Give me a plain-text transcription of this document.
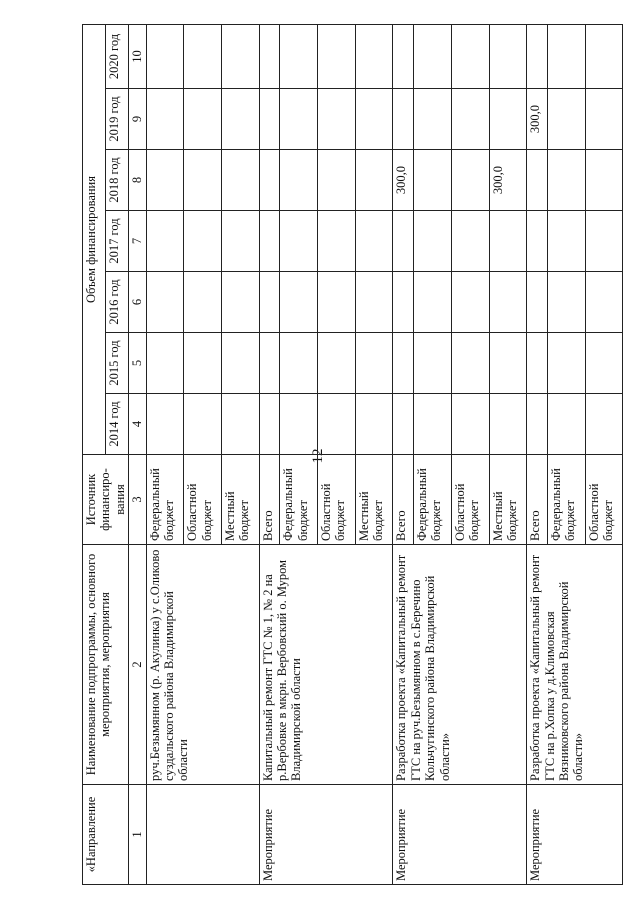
12
«Направление	Наименование подпрограммы, основного мероприятия, мероприятия	Источник финансиро-вания	Объем финансирования						
			2014 год	2015 год	2016 год	2017 год	2018 год	2019 год	2020 год
1	2	3	4	5	6	7	8	9	10
	руч.Безымянном (р. Акулинка) у с.Оликово суздальского района Владимирской области	Федеральный бюджет							
		Областной бюджет							
		Местный бюджет							
Мероприятие	Капитальный ремонт ГТС № 1, № 2 на р.Вербовке в мкрн. Вербовский о. Муром Владимирской области	Всего							
		Федеральный бюджет							
		Областной бюджет							
		Местный бюджет							
Мероприятие	Разработка проекта «Капитальный ремонт ГТС на руч.Безымянном в с.Беречино Кольчугинского района Владимирской области»	Всего					300,0		
		Федеральный бюджет							
		Областной бюджет							
		Местный бюджет					300,0		
Мероприятие	Разработка проекта «Капитальный ремонт ГТС на р.Хопка у д.Климовская Вязниковского района Владимирской области»	Всего						300,0	
		Федеральный бюджет							
		Областной бюджет							
